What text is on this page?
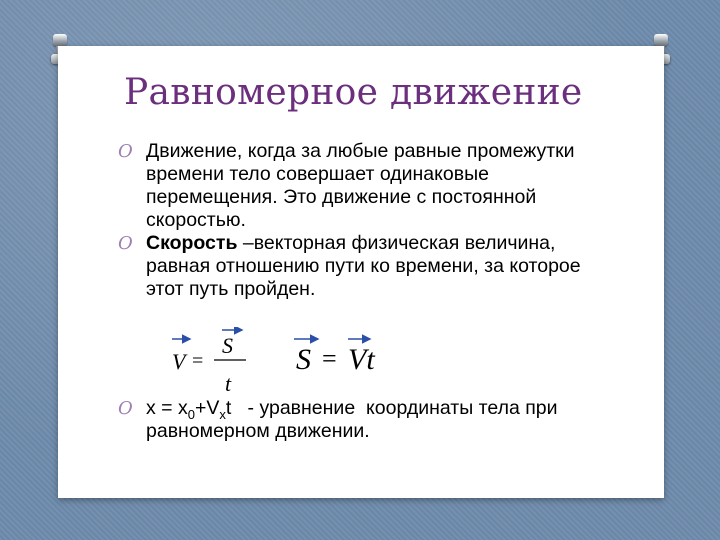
Равномерное движение
O Движение, когда за любые равные промежутки времени тело совершает одинаковые перемещения. Это движение с постоянной скоростью.
O Скорость –векторная физическая величина, равная отношению пути ко времени, за которое этот путь пройден.
V =
S
t
S = Vt
O $x = x_0+V_xt$   - уравнение  координаты тела при равномерном движении.
